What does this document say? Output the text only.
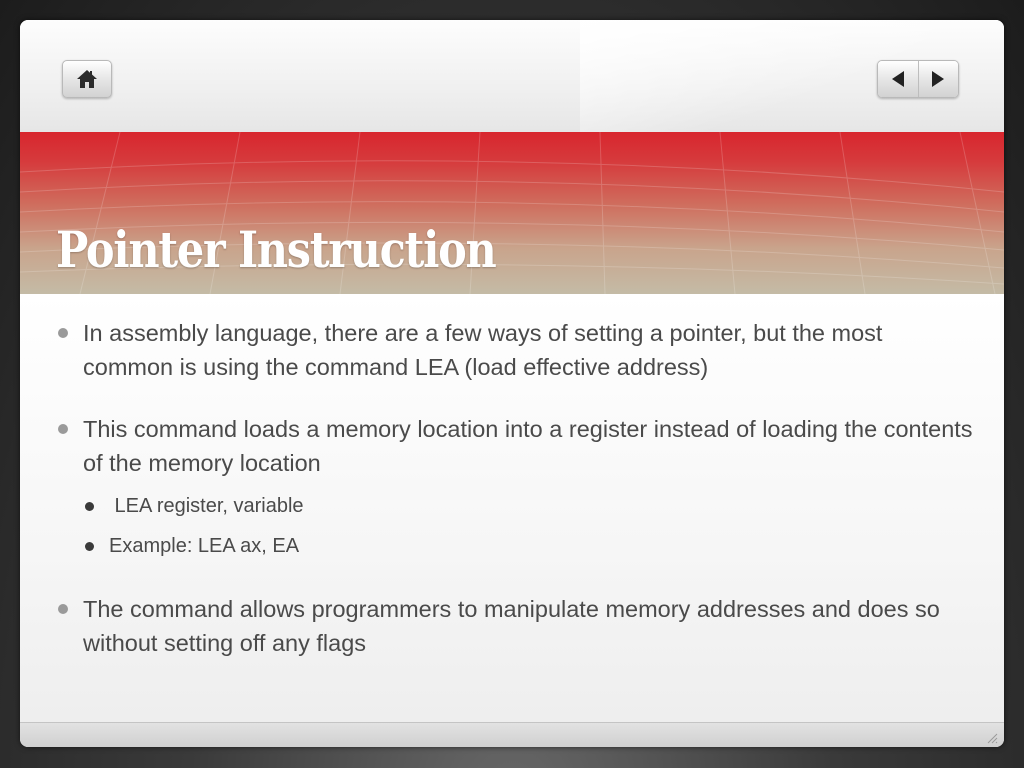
Pointer Instruction
In assembly language, there are a few ways of setting a pointer, but the most common is using the command LEA (load effective address)
This command loads a memory location into a register instead of loading the contents of the memory location
LEA register, variable
Example: LEA ax, EA
The command allows programmers to manipulate memory addresses and does so without setting off any flags
